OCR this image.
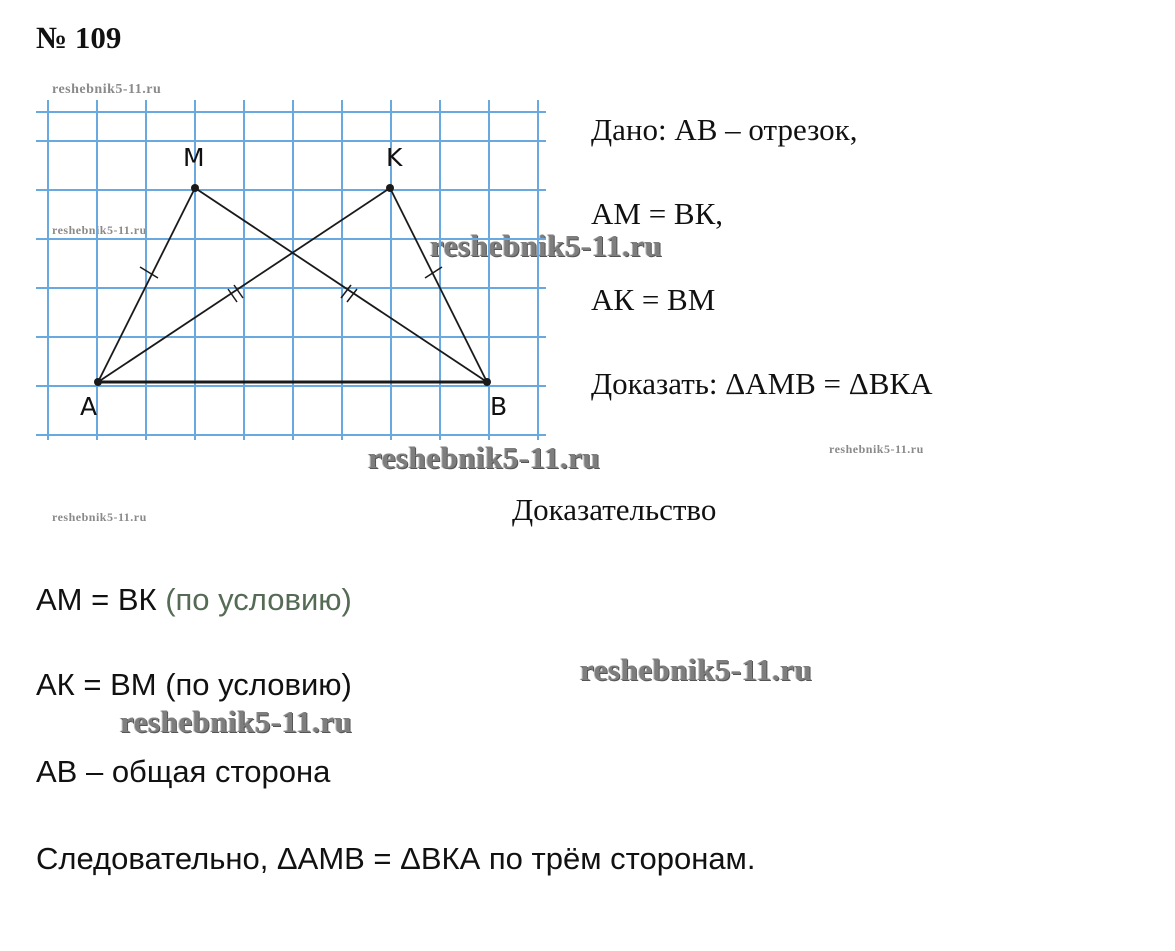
№ 109
reshebnik5-11.ru
reshebnik5-11.ru
reshebnik5-11.ru
reshebnik5-11.ru
reshebnik5-11.ru
reshebnik5-11.ru
reshebnik5-11.ru
reshebnik5-11.ru
M	K
A	B
Дано: АВ – отрезок,
АМ = ВК,
АК = ВМ
Доказать: ΔАМВ = ΔВКА
Доказательство
АМ = ВК (по условию)
АК = ВМ (по условию)
АВ – общая сторона
Следовательно, ΔАМВ = ΔВКА по трём сторонам.
